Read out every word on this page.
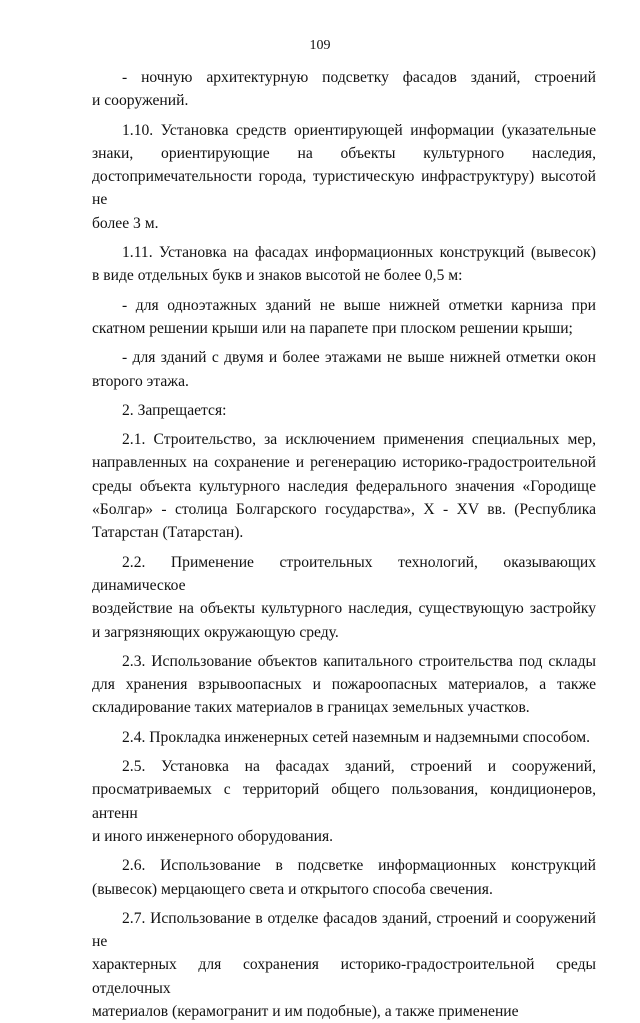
109

- ночную архитектурную подсветку фасадов зданий, строений
и сооружений.

1.10. Установка средств ориентирующей информации (указательные
знаки, ориентирующие на объекты культурного наследия,
достопримечательности города, туристическую инфраструктуру) высотой не
более 3 м.

1.11. Установка на фасадах информационных конструкций (вывесок)
в виде отдельных букв и знаков высотой не более 0,5 м:

- для одноэтажных зданий не выше нижней отметки карниза при
скатном решении крыши или на парапете при плоском решении крыши;

- для зданий с двумя и более этажами не выше нижней отметки окон
второго этажа.

2. Запрещается:

2.1. Строительство, за исключением применения специальных мер,
направленных на сохранение и регенерацию историко-градостроительной
среды объекта культурного наследия федерального значения «Городище
«Болгар» - столица Болгарского государства», X - XV вв. (Республика
Татарстан (Татарстан).

2.2. Применение строительных технологий, оказывающих динамическое
воздействие на объекты культурного наследия, существующую застройку
и загрязняющих окружающую среду.

2.3. Использование объектов капитального строительства под склады
для хранения взрывоопасных и пожароопасных материалов, а также
складирование таких материалов в границах земельных участков.

2.4. Прокладка инженерных сетей наземным и надземными способом.

2.5. Установка на фасадах зданий, строений и сооружений,
просматриваемых с территорий общего пользования, кондиционеров, антенн
и иного инженерного оборудования.

2.6. Использование в подсветке информационных конструкций
(вывесок) мерцающего света и открытого способа свечения.

2.7. Использование в отделке фасадов зданий, строений и сооружений не
характерных для сохранения историко-градостроительной среды отделочных
материалов (керамогранит и им подобные), а также применение
